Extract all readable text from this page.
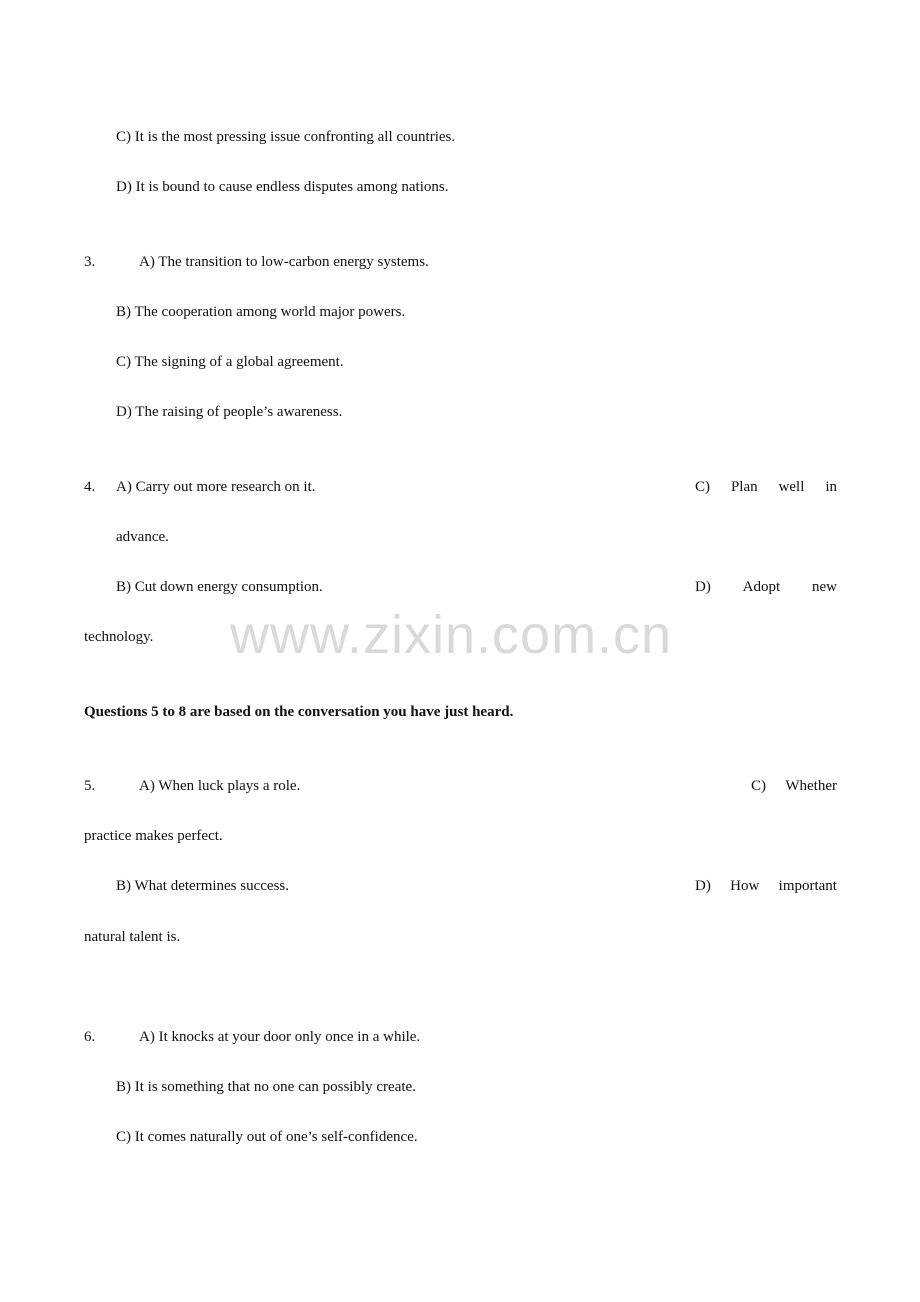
C) It is the most pressing issue confronting all countries.
D) It is bound to cause endless disputes among nations.
3.	A) The transition to low-carbon energy systems.
B) The cooperation among world major powers.
C) The signing of a global agreement.
D) The raising of people’s awareness.
4. A) Carry out more research on it.	C) Plan well in
advance.
B) Cut down energy consumption.	D) Adopt new
technology. www.zixin.com.cn
Questions 5 to 8 are based on the conversation you have just heard.
5.	A) When luck plays a role.	C) Whether
practice makes perfect.
B) What determines success.	D) How important
natural talent is.
6.	A) It knocks at your door only once in a while.
B) It is something that no one can possibly create.
C) It comes naturally out of one’s self-confidence.
